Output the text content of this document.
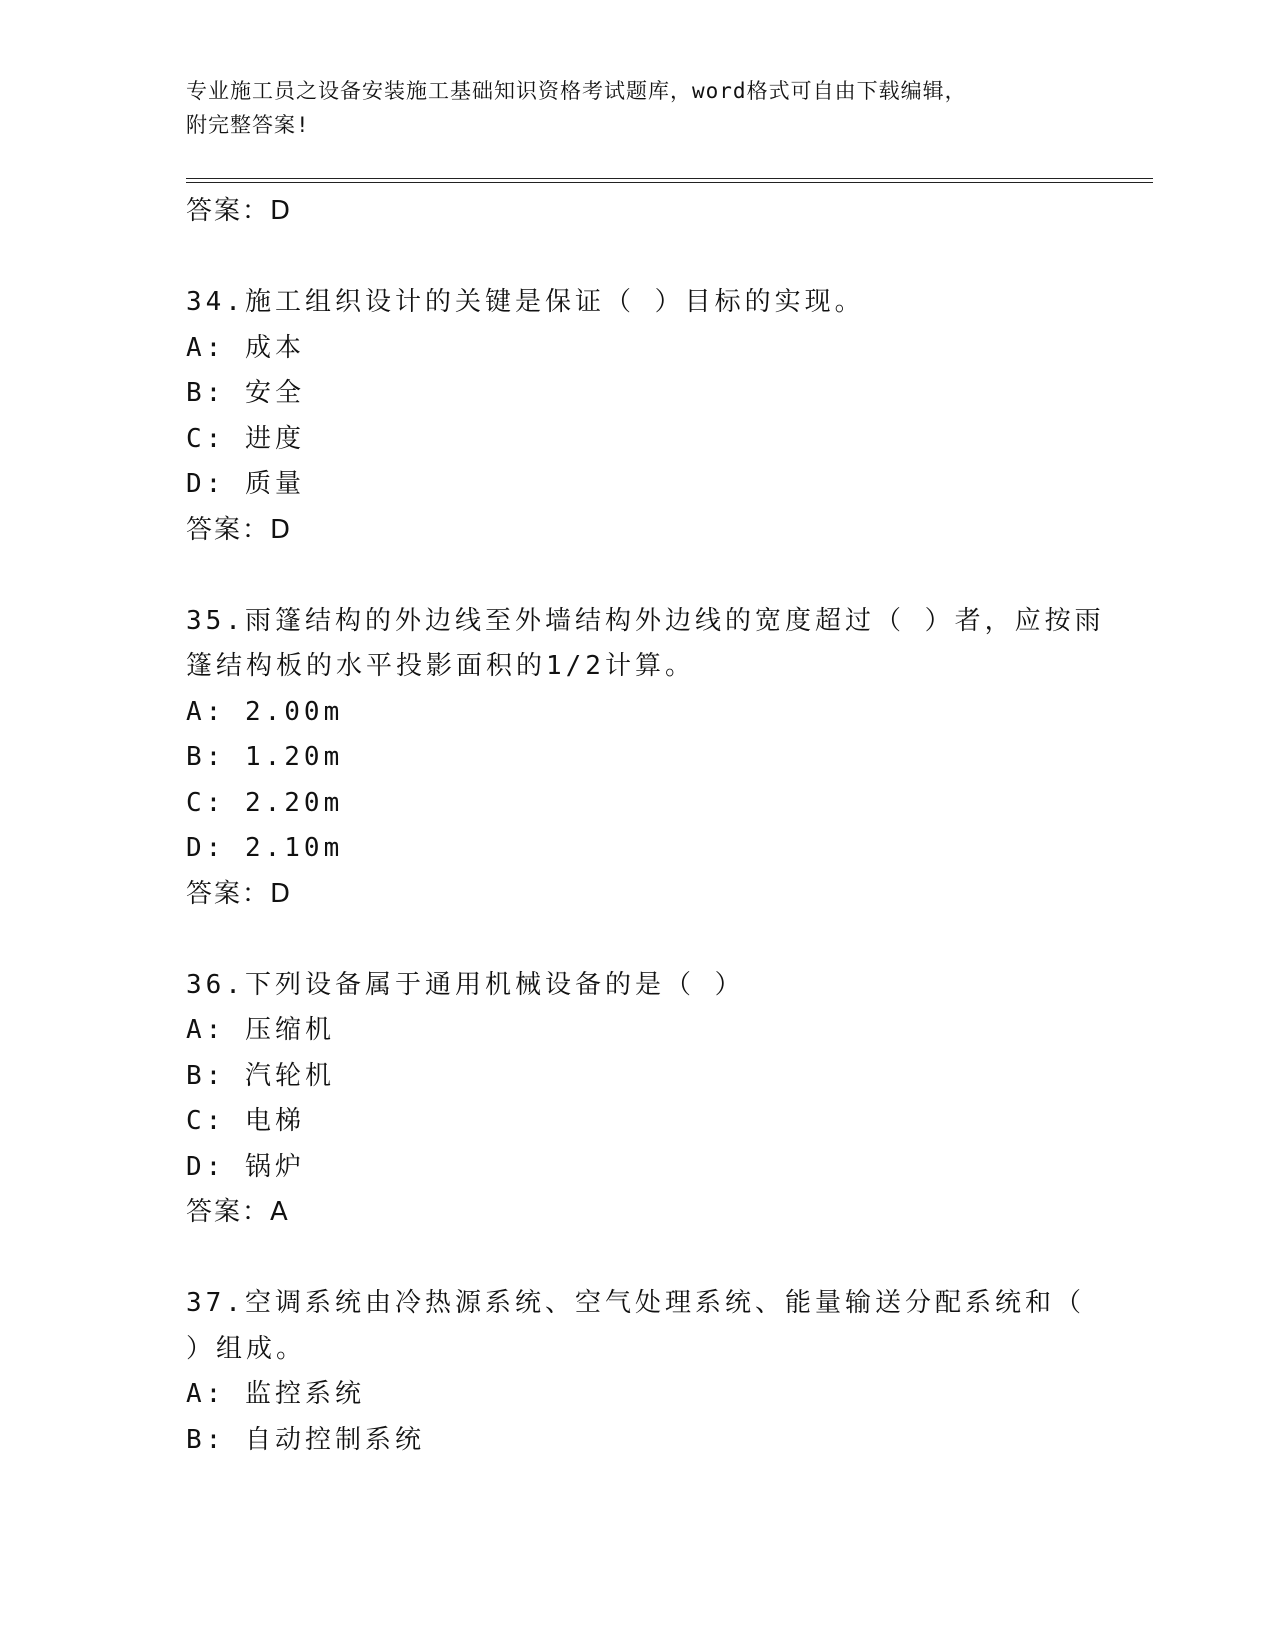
专业施工员之设备安装施工基础知识资格考试题库，word格式可自由下载编辑，
附完整答案!
答案：D
34.施工组织设计的关键是保证（ ）目标的实现。
A: 成本
B: 安全
C: 进度
D: 质量
答案：D
35.雨篷结构的外边线至外墙结构外边线的宽度超过（ ）者，应按雨
篷结构板的水平投影面积的1/2计算。
A: 2.00m
B: 1.20m
C: 2.20m
D: 2.10m
答案：D
36.下列设备属于通用机械设备的是（ ）
A: 压缩机
B: 汽轮机
C: 电梯
D: 锅炉
答案：A
37.空调系统由冷热源系统、空气处理系统、能量输送分配系统和（
）组成。
A: 监控系统
B: 自动控制系统
